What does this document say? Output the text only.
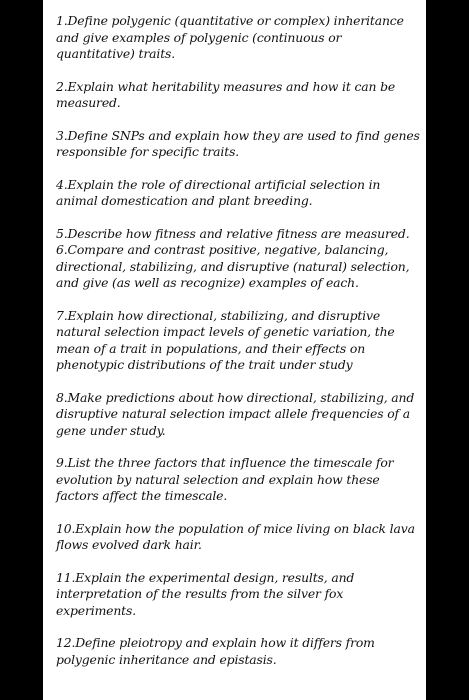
1.Define polygenic (quantitative or complex) inheritance and give examples of polygenic (continuous or quantitative) traits.

2.Explain what heritability measures and how it can be measured.

3.Define SNPs and explain how they are used to find genes responsible for specific traits.

4.Explain the role of directional artificial selection in animal domestication and plant breeding.

5.Describe how fitness and relative fitness are measured.

6.Compare and contrast positive, negative, balancing, directional, stabilizing, and disruptive (natural) selection, and give (as well as recognize) examples of each.

7.Explain how directional, stabilizing, and disruptive natural selection impact levels of genetic variation, the mean of a trait in populations, and their effects on phenotypic distributions of the trait under study

8.Make predictions about how directional, stabilizing, and disruptive natural selection impact allele frequencies of a gene under study.

9.List the three factors that influence the timescale for evolution by natural selection and explain how these factors affect the timescale.

10.Explain how the population of mice living on black lava flows evolved dark hair.

11.Explain the experimental design, results, and interpretation of the results from the silver fox experiments.

12.Define pleiotropy and explain how it differs from polygenic inheritance and epistasis.
